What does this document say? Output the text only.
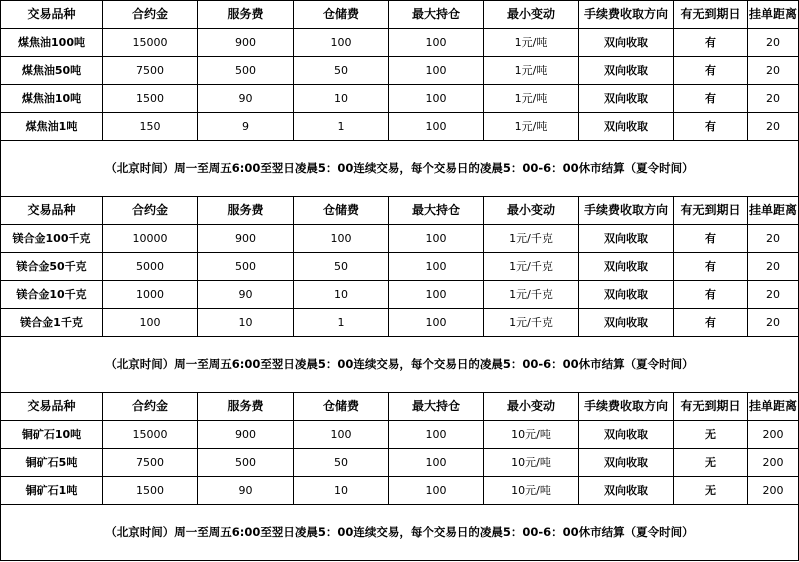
交易品种	合约金	服务费	仓储费	最大持仓	最小变动	手续费收取方向	有无到期日	挂单距离
煤焦油100吨	15000	900	100	100	1元/吨	双向收取	有	20
煤焦油50吨	7500	500	50	100	1元/吨	双向收取	有	20
煤焦油10吨	1500	90	10	100	1元/吨	双向收取	有	20
煤焦油1吨	150	9	1	100	1元/吨	双向收取	有	20
（北京时间）周一至周五6:00至翌日凌晨5：00连续交易，每个交易日的凌晨5：00-6：00休市结算（夏令时间）								
交易品种	合约金	服务费	仓储费	最大持仓	最小变动	手续费收取方向	有无到期日	挂单距离
镁合金100千克	10000	900	100	100	1元/千克	双向收取	有	20
镁合金50千克	5000	500	50	100	1元/千克	双向收取	有	20
镁合金10千克	1000	90	10	100	1元/千克	双向收取	有	20
镁合金1千克	100	10	1	100	1元/千克	双向收取	有	20
（北京时间）周一至周五6:00至翌日凌晨5：00连续交易，每个交易日的凌晨5：00-6：00休市结算（夏令时间）								
交易品种	合约金	服务费	仓储费	最大持仓	最小变动	手续费收取方向	有无到期日	挂单距离
铜矿石10吨	15000	900	100	100	10元/吨	双向收取	无	200
铜矿石5吨	7500	500	50	100	10元/吨	双向收取	无	200
铜矿石1吨	1500	90	10	100	10元/吨	双向收取	无	200
（北京时间）周一至周五6:00至翌日凌晨5：00连续交易，每个交易日的凌晨5：00-6：00休市结算（夏令时间）								
